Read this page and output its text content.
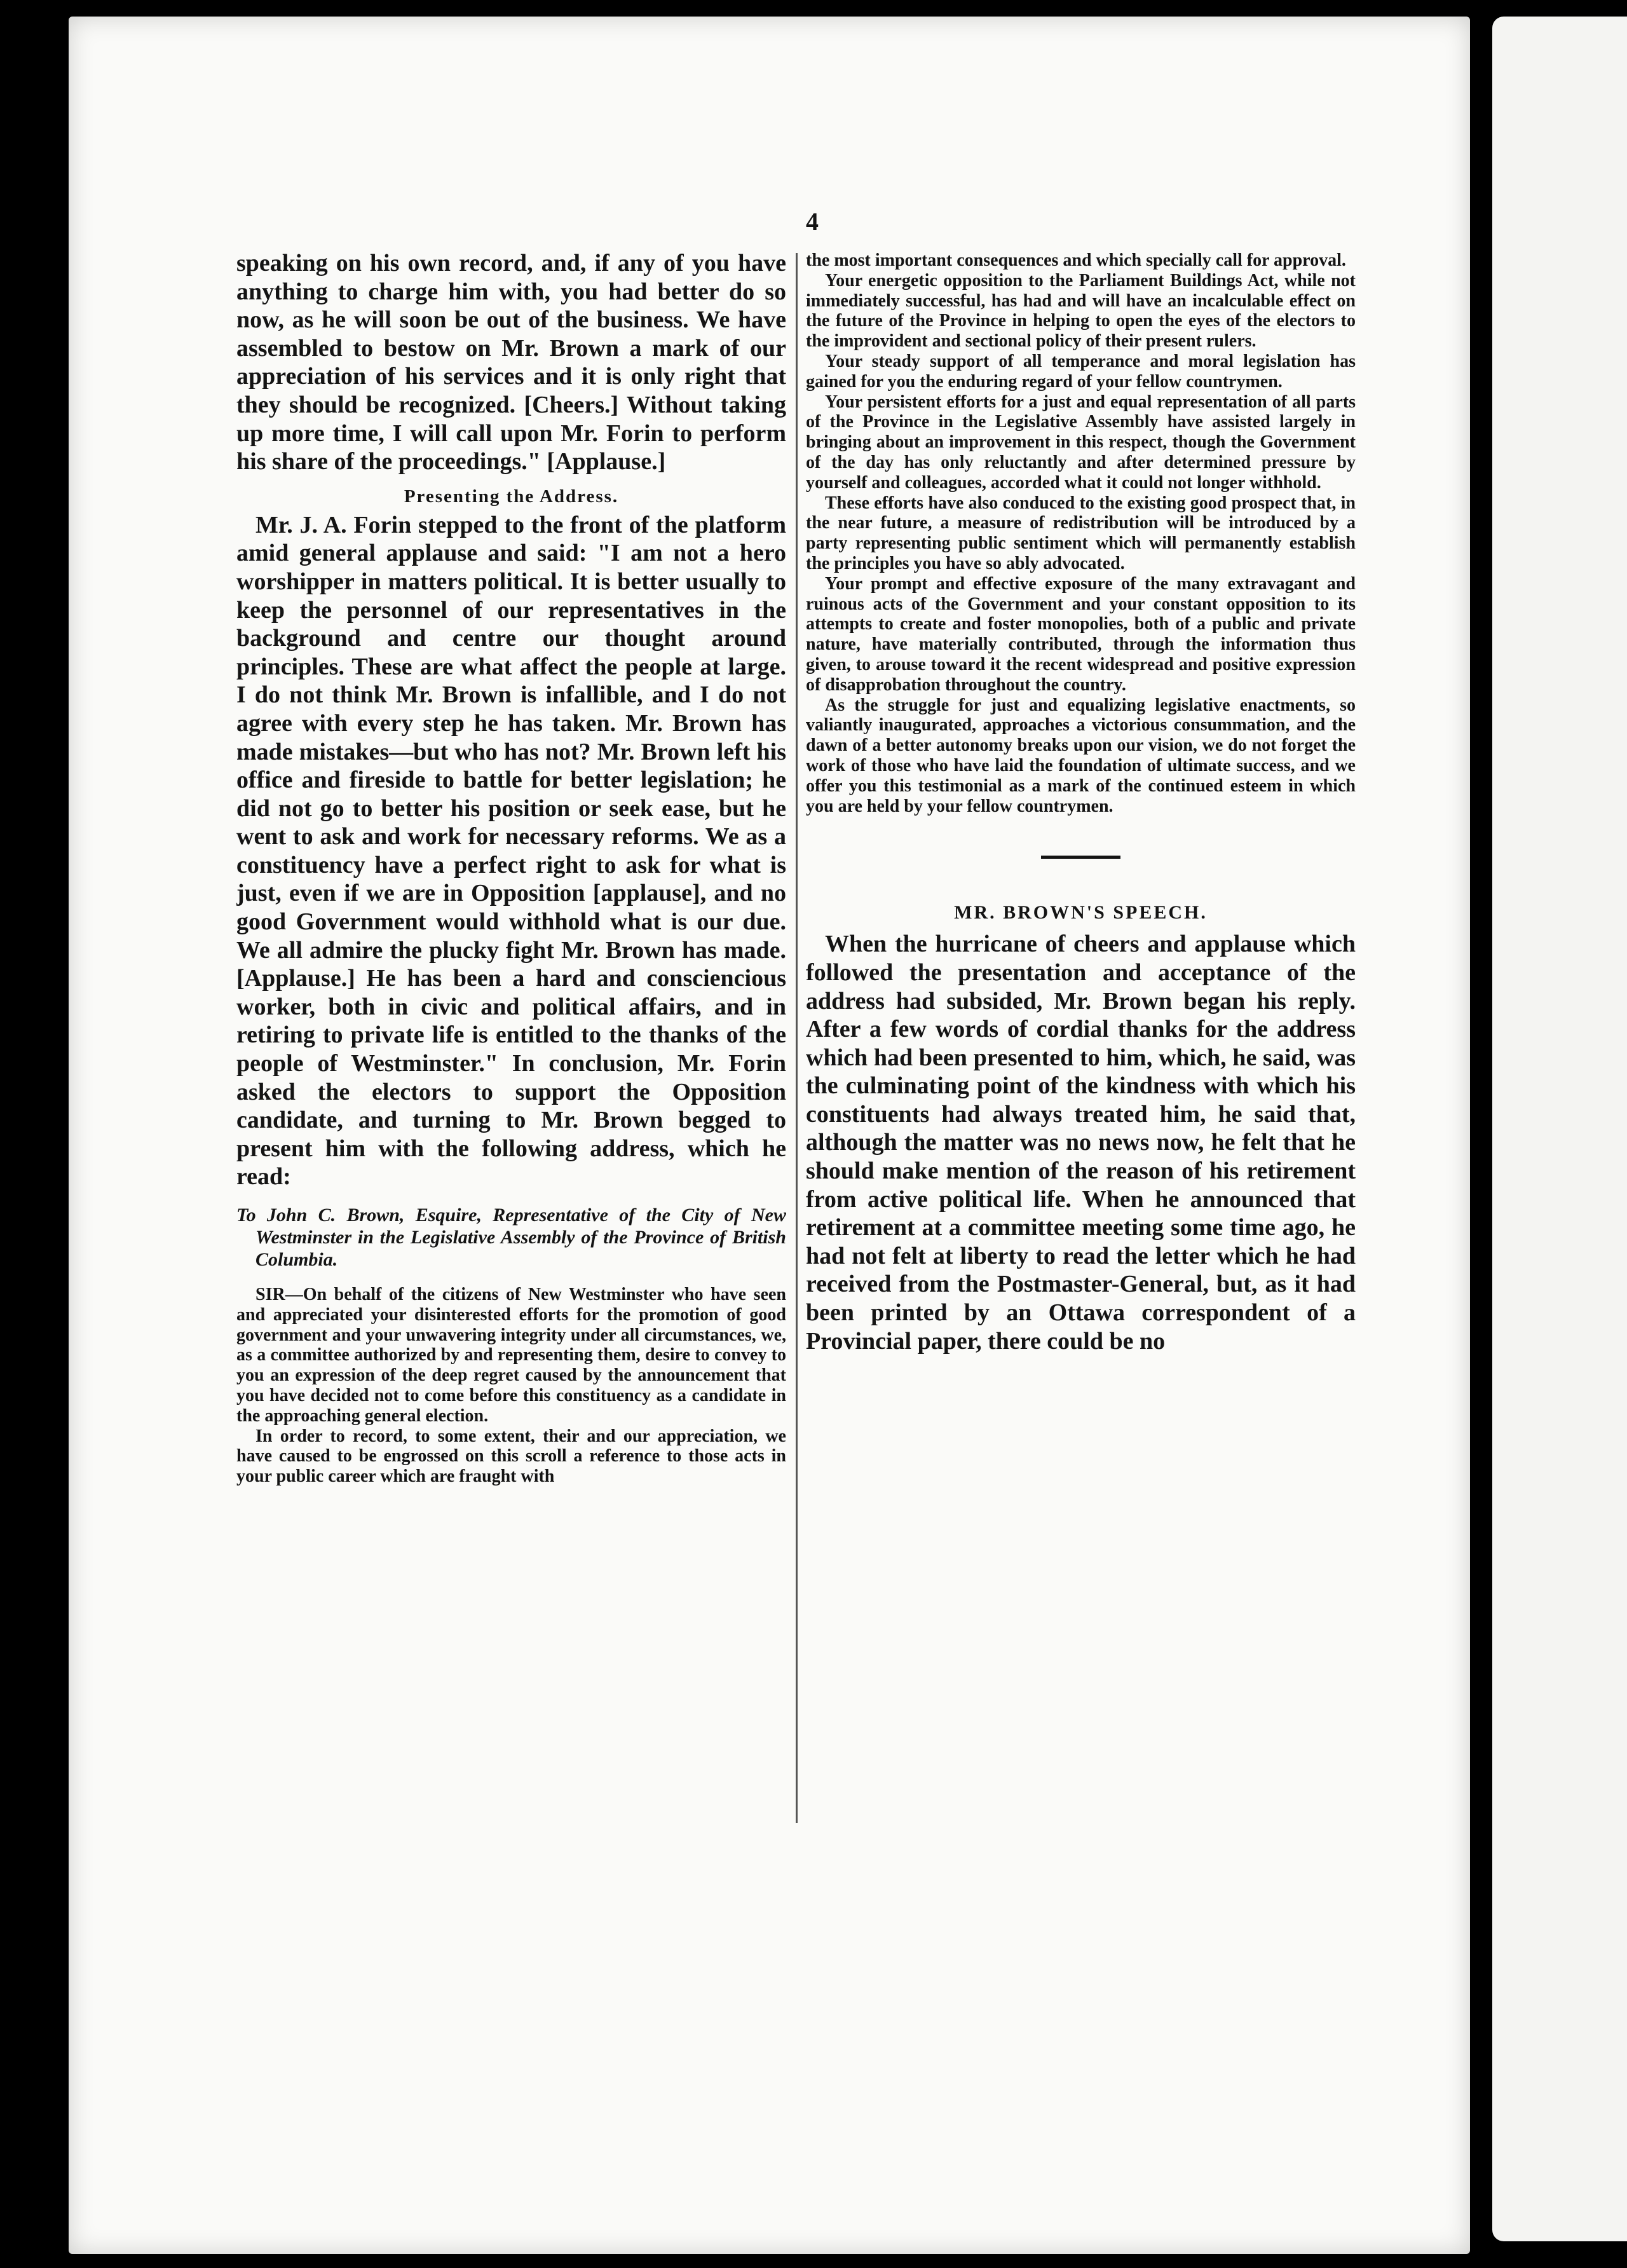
4

speaking on his own record, and, if any of you have anything to charge him with, you had better do so now, as he will soon be out of the business. We have assembled to bestow on Mr. Brown a mark of our appreciation of his services and it is only right that they should be recognized. [Cheers.] Without taking up more time, I will call upon Mr. Forin to perform his share of the proceedings." [Applause.]

Presenting the Address.

Mr. J. A. Forin stepped to the front of the platform amid general applause and said: "I am not a hero worshipper in matters political. It is better usually to keep the personnel of our representatives in the background and centre our thought around principles. These are what affect the people at large. I do not think Mr. Brown is infallible, and I do not agree with every step he has taken. Mr. Brown has made mistakes—but who has not? Mr. Brown left his office and fireside to battle for better legislation; he did not go to better his position or seek ease, but he went to ask and work for necessary reforms. We as a constituency have a perfect right to ask for what is just, even if we are in Opposition [applause], and no good Government would withhold what is our due. We all admire the plucky fight Mr. Brown has made. [Applause.] He has been a hard and consciencious worker, both in civic and political affairs, and in retiring to private life is entitled to the thanks of the people of Westminster." In conclusion, Mr. Forin asked the electors to support the Opposition candidate, and turning to Mr. Brown begged to present him with the following address, which he read:

To John C. Brown, Esquire, Representative of the City of New Westminster in the Legislative Assembly of the Province of British Columbia.

SIR—On behalf of the citizens of New Westminster who have seen and appreciated your disinterested efforts for the promotion of good government and your unwavering integrity under all circumstances, we, as a committee authorized by and representing them, desire to convey to you an expression of the deep regret caused by the announcement that you have decided not to come before this constituency as a candidate in the approaching general election.

In order to record, to some extent, their and our appreciation, we have caused to be engrossed on this scroll a reference to those acts in your public career which are fraught with

the most important consequences and which specially call for approval.

Your energetic opposition to the Parliament Buildings Act, while not immediately successful, has had and will have an incalculable effect on the future of the Province in helping to open the eyes of the electors to the improvident and sectional policy of their present rulers.

Your steady support of all temperance and moral legislation has gained for you the enduring regard of your fellow countrymen.

Your persistent efforts for a just and equal representation of all parts of the Province in the Legislative Assembly have assisted largely in bringing about an improvement in this respect, though the Government of the day has only reluctantly and after determined pressure by yourself and colleagues, accorded what it could not longer withhold.

These efforts have also conduced to the existing good prospect that, in the near future, a measure of redistribution will be introduced by a party representing public sentiment which will permanently establish the principles you have so ably advocated.

Your prompt and effective exposure of the many extravagant and ruinous acts of the Government and your constant opposition to its attempts to create and foster monopolies, both of a public and private nature, have materially contributed, through the information thus given, to arouse toward it the recent widespread and positive expression of disapprobation throughout the country.

As the struggle for just and equalizing legislative enactments, so valiantly inaugurated, approaches a victorious consummation, and the dawn of a better autonomy breaks upon our vision, we do not forget the work of those who have laid the foundation of ultimate success, and we offer you this testimonial as a mark of the continued esteem in which you are held by your fellow countrymen.

MR. BROWN'S SPEECH.

When the hurricane of cheers and applause which followed the presentation and acceptance of the address had subsided, Mr. Brown began his reply. After a few words of cordial thanks for the address which had been presented to him, which, he said, was the culminating point of the kindness with which his constituents had always treated him, he said that, although the matter was no news now, he felt that he should make mention of the reason of his retirement from active political life. When he announced that retirement at a committee meeting some time ago, he had not felt at liberty to read the letter which he had received from the Postmaster-General, but, as it had been printed by an Ottawa correspondent of a Provincial paper, there could be no
